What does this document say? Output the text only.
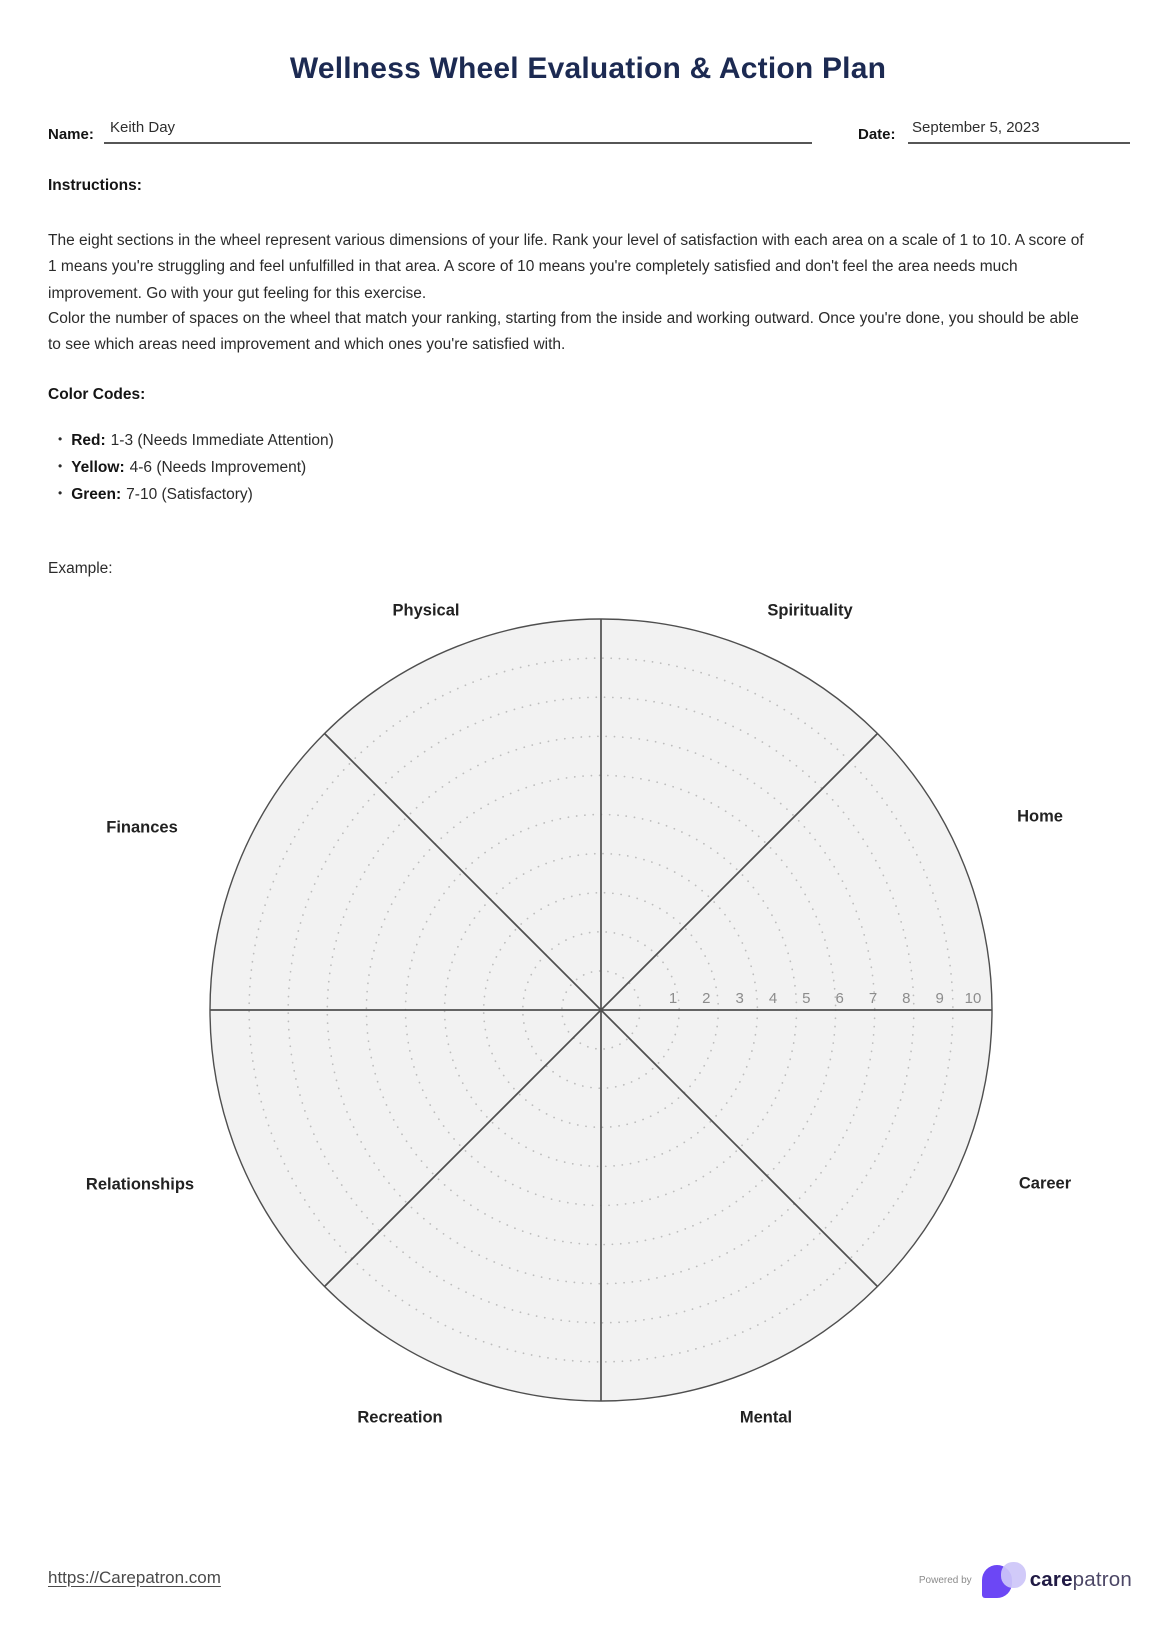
Wellness Wheel Evaluation & Action Plan
Name: Keith Day	Date: September 5, 2023
Instructions:
The eight sections in the wheel represent various dimensions of your life. Rank your level of satisfaction with each area on a scale of 1 to 10. A score of 1 means you're struggling and feel unfulfilled in that area. A score of 10 means you're completely satisfied and don't feel the area needs much improvement. Go with your gut feeling for this exercise.
Color the number of spaces on the wheel that match your ranking, starting from the inside and working outward. Once you're done, you should be able to see which areas need improvement and which ones you're satisfied with.
Color Codes:
• Red: 1-3 (Needs Immediate Attention)
• Yellow: 4-6 (Needs Improvement)
• Green: 7-10 (Satisfactory)
Example:
1 2 3 4 5 6 7 8 9 10
Physical	Spirituality
Home
Career
Mental
Recreation
Relationships
Finances
https://Carepatron.com	Powered by	carepatron
